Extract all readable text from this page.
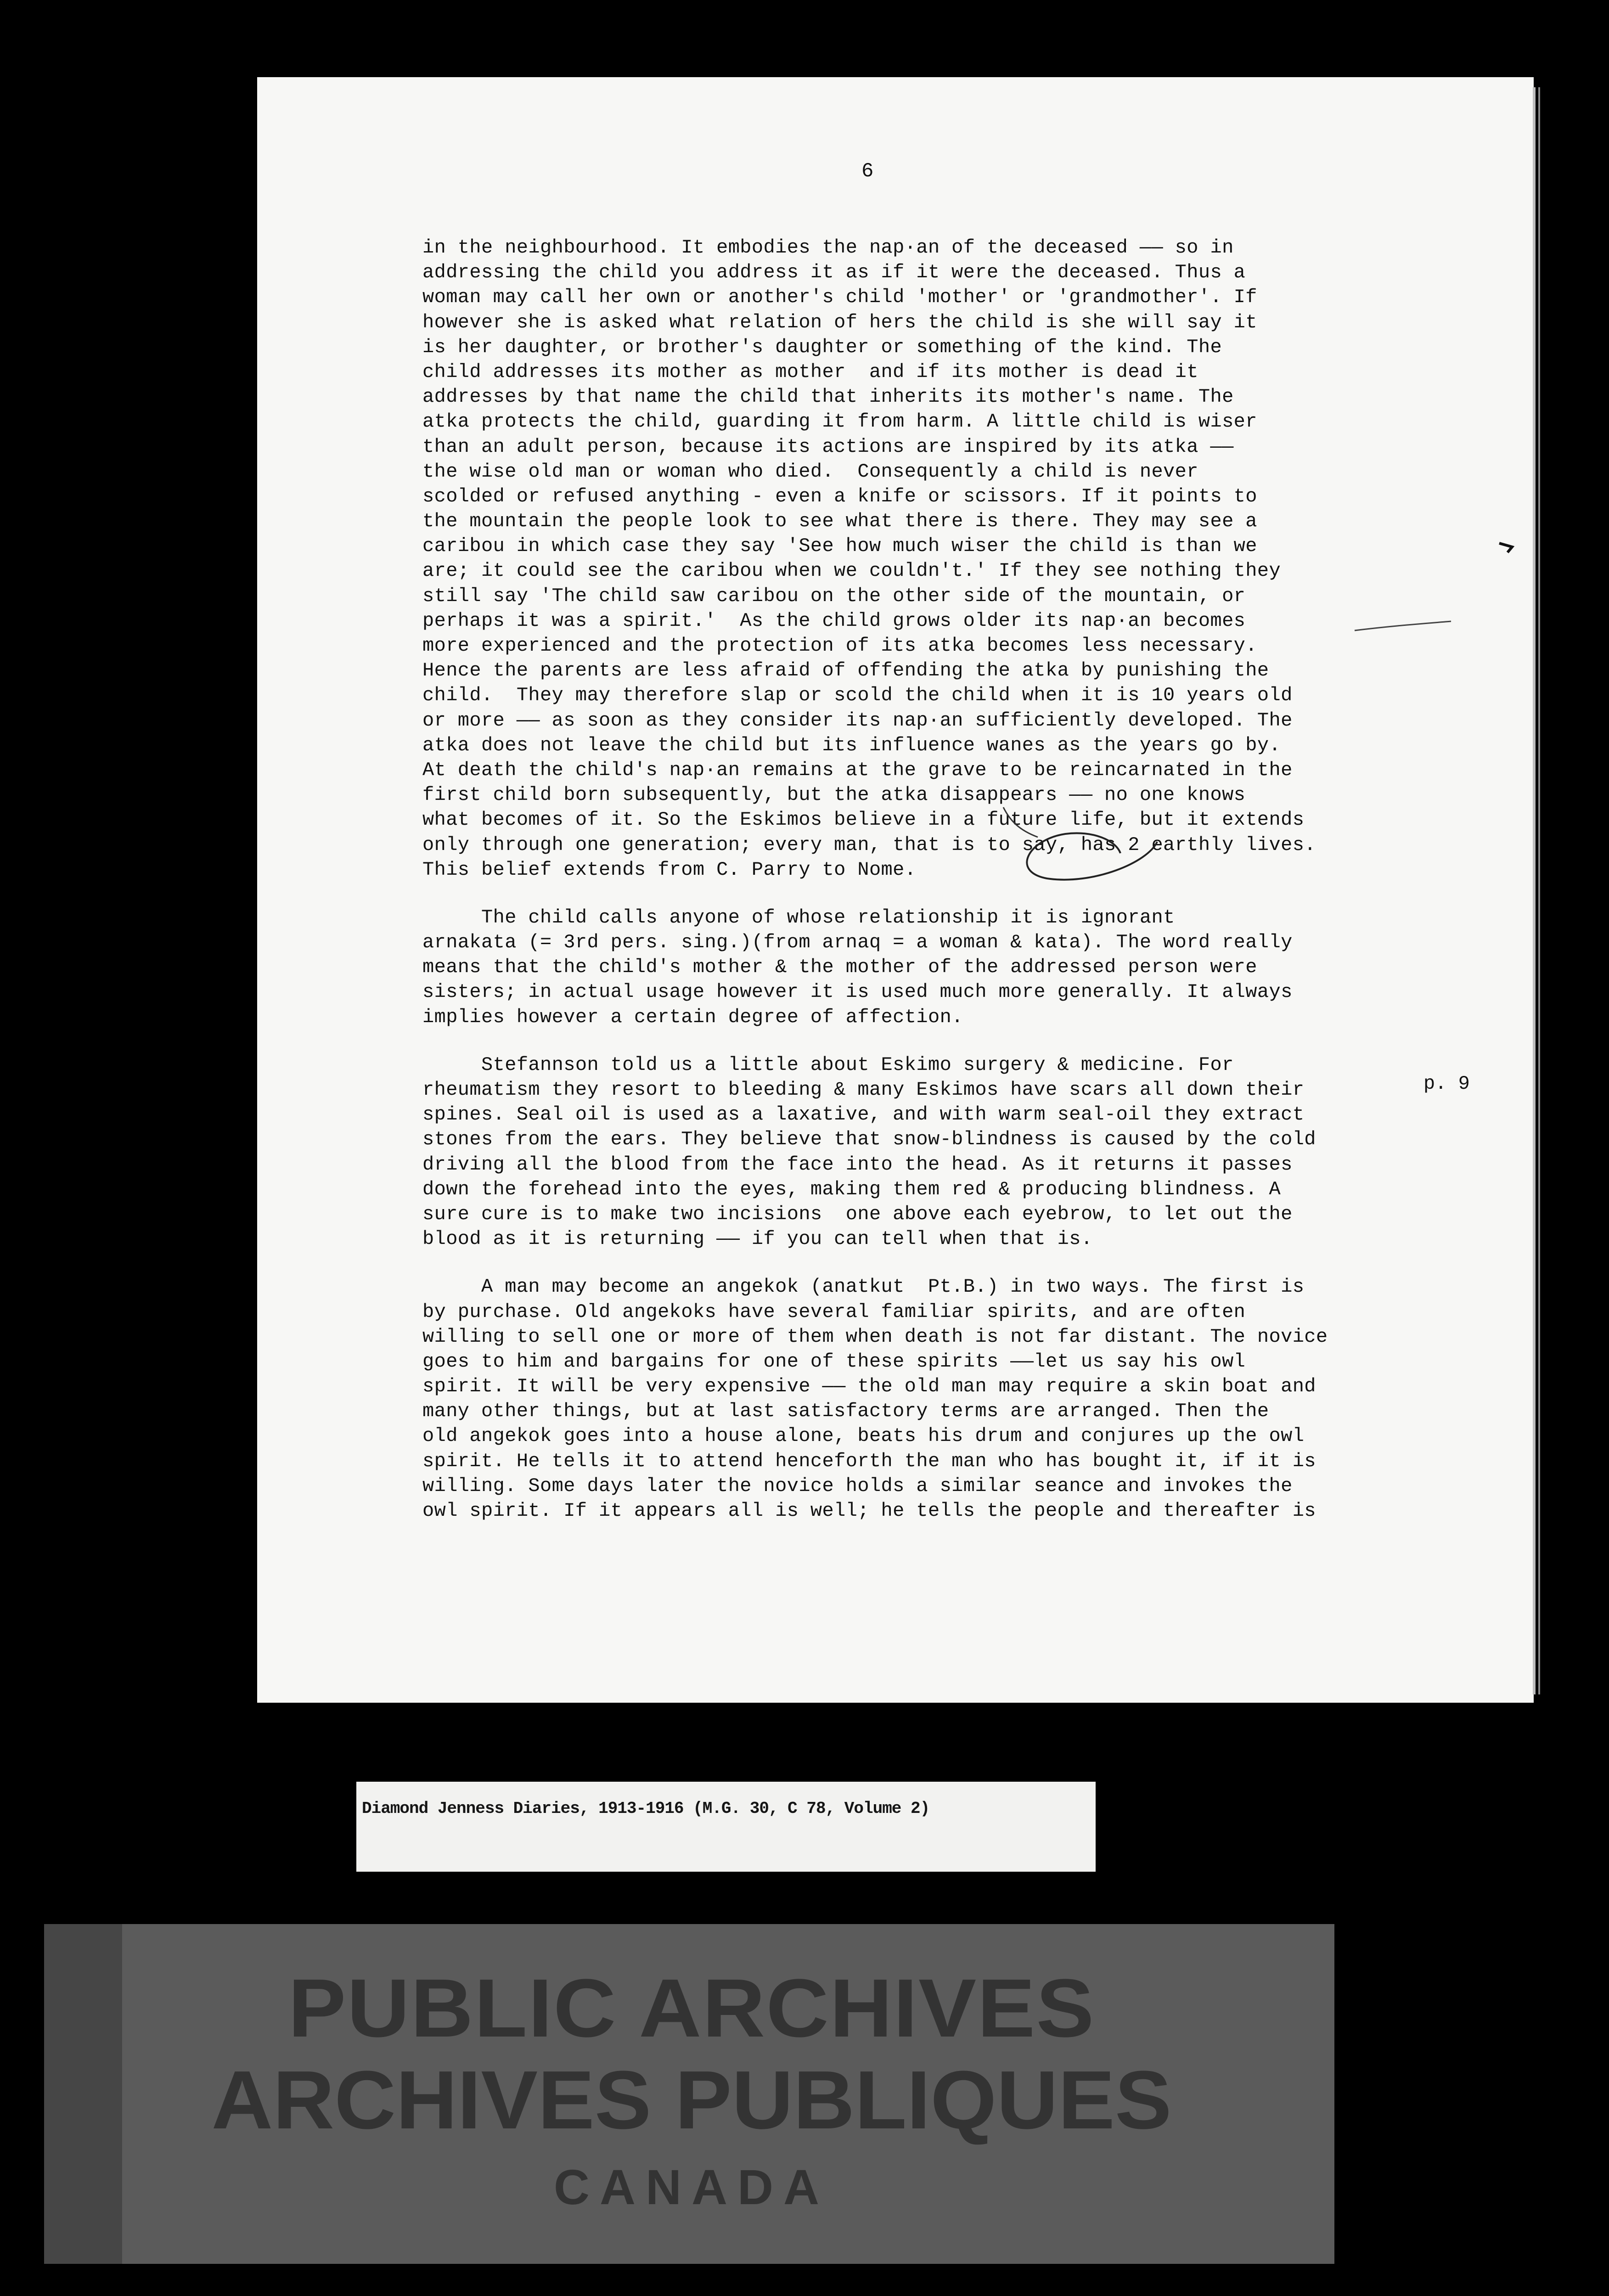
6
in the neighbourhood. It embodies the nap·an of the deceased —— so in
addressing the child you address it as if it were the deceased. Thus a
woman may call her own or another's child 'mother' or 'grandmother'. If
however she is asked what relation of hers the child is she will say it
is her daughter, or brother's daughter or something of the kind. The
child addresses its mother as mother  and if its mother is dead it
addresses by that name the child that inherits its mother's name. The
atka protects the child, guarding it from harm. A little child is wiser
than an adult person, because its actions are inspired by its atka ——
the wise old man or woman who died.  Consequently a child is never
scolded or refused anything - even a knife or scissors. If it points to
the mountain the people look to see what there is there. They may see a
caribou in which case they say 'See how much wiser the child is than we
are; it could see the caribou when we couldn't.' If they see nothing they
still say 'The child saw caribou on the other side of the mountain, or
perhaps it was a spirit.'  As the child grows older its nap·an becomes
more experienced and the protection of its atka becomes less necessary.
Hence the parents are less afraid of offending the atka by punishing the
child.  They may therefore slap or scold the child when it is 10 years old
or more —— as soon as they consider its nap·an sufficiently developed. The
atka does not leave the child but its influence wanes as the years go by.
At death the child's nap·an remains at the grave to be reincarnated in the
first child born subsequently, but the atka disappears —— no one knows
what becomes of it. So the Eskimos believe in a future life, but it extends
only through one generation; every man, that is to say, has 2 earthly lives.
This belief extends from C. Parry to Nome.
The child calls anyone of whose relationship it is ignorant
arnakata (= 3rd pers. sing.)(from arnaq = a woman & kata). The word really
means that the child's mother & the mother of the addressed person were
sisters; in actual usage however it is used much more generally. It always
implies however a certain degree of affection.
Stefannson told us a little about Eskimo surgery & medicine. For
rheumatism they resort to bleeding & many Eskimos have scars all down their
spines. Seal oil is used as a laxative, and with warm seal-oil they extract
stones from the ears. They believe that snow-blindness is caused by the cold
driving all the blood from the face into the head. As it returns it passes
down the forehead into the eyes, making them red & producing blindness. A
sure cure is to make two incisions  one above each eyebrow, to let out the
blood as it is returning —— if you can tell when that is.
A man may become an angekok (anatkut  Pt.B.) in two ways. The first is
by purchase. Old angekoks have several familiar spirits, and are often
willing to sell one or more of them when death is not far distant. The novice
goes to him and bargains for one of these spirits ——let us say his owl
spirit. It will be very expensive —— the old man may require a skin boat and
many other things, but at last satisfactory terms are arranged. Then the
old angekok goes into a house alone, beats his drum and conjures up the owl
spirit. He tells it to attend henceforth the man who has bought it, if it is
willing. Some days later the novice holds a similar seance and invokes the
owl spirit. If it appears all is well; he tells the people and thereafter is
p. 9
Diamond Jenness Diaries, 1913-1916 (M.G. 30, C 78, Volume 2)
PUBLIC ARCHIVES
ARCHIVES PUBLIQUES
CANADA
